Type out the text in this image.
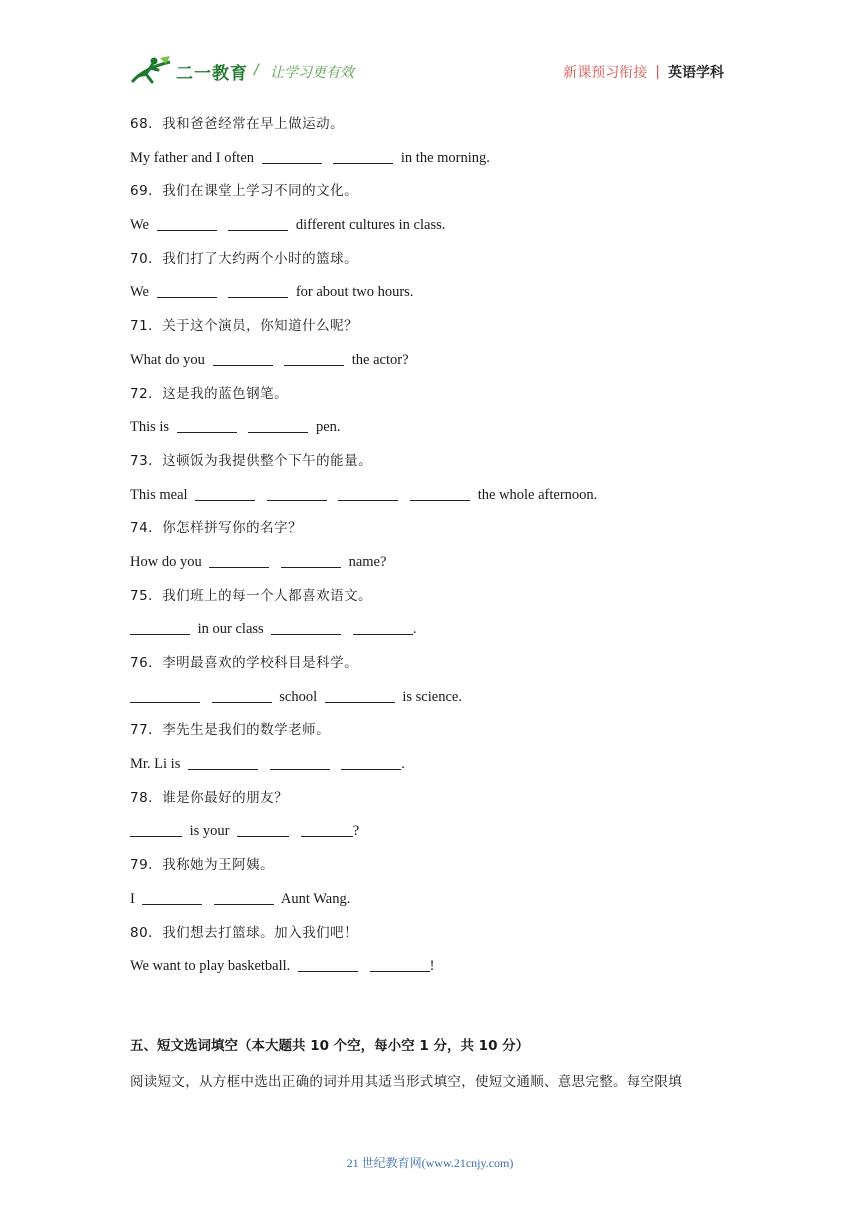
二一教育 / 让学习更有效	新课预习衔接 | 英语学科
68．我和爸爸经常在早上做运动。
My father and I often	in the morning.
69．我们在课堂上学习不同的文化。
We	different cultures in class.
70．我们打了大约两个小时的篮球。
We	for about two hours.
71．关于这个演员，你知道什么呢？
What do you	the actor?
72．这是我的蓝色钢笔。
This is	pen.
73．这顿饭为我提供整个下午的能量。
This meal	the whole afternoon.
74．你怎样拼写你的名字？
How do you	name?
75．我们班上的每一个人都喜欢语文。
in our class	.
76．李明最喜欢的学校科目是科学。
school	is science.
77．李先生是我们的数学老师。
Mr. Li is	.
78．谁是你最好的朋友？
is your	?
79．我称她为王阿姨。
I	Aunt Wang.
80．我们想去打篮球。加入我们吧！
We want to play basketball.	!
五、短文选词填空（本大题共 10 个空，每小空 1 分，共 10 分）
阅读短文，从方框中选出正确的词并用其适当形式填空，使短文通顺、意思完整。每空限填
21 世纪教育网(www.21cnjy.com)
